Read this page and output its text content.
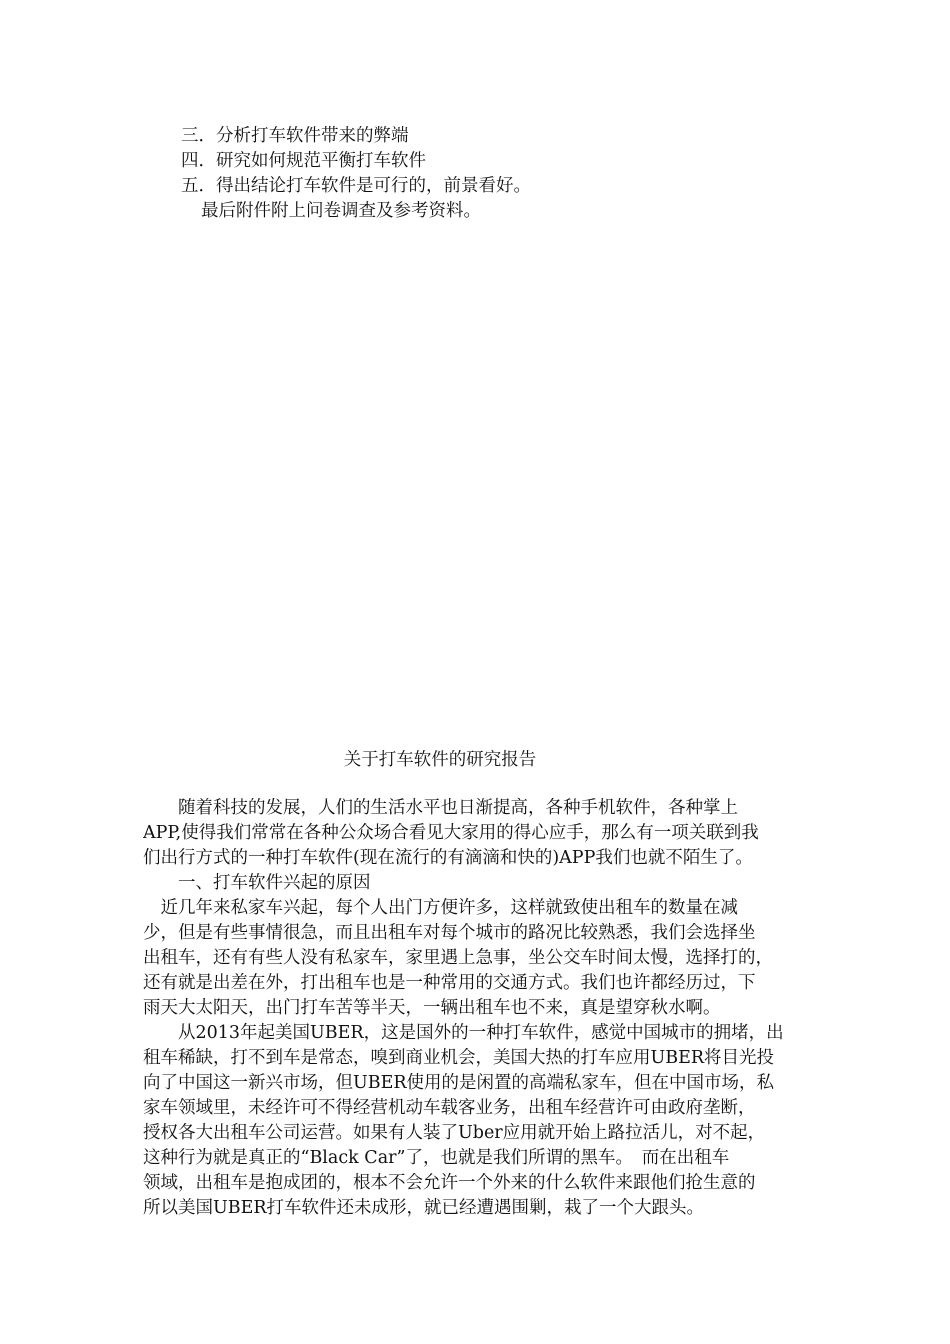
三．分析打车软件带来的弊端
四．研究如何规范平衡打车软件
五．得出结论打车软件是可行的，前景看好。
最后附件附上问卷调查及参考资料。
关于打车软件的研究报告
　　随着科技的发展，人们的生活水平也日渐提高，各种手机软件，各种掌上
APP,使得我们常常在各种公众场合看见大家用的得心应手，那么有一项关联到我
们出行方式的一种打车软件(现在流行的有滴滴和快的)APP我们也就不陌生了。
　　一、打车软件兴起的原因
　近几年来私家车兴起，每个人出门方便许多，这样就致使出租车的数量在减
少，但是有些事情很急，而且出租车对每个城市的路况比较熟悉，我们会选择坐
出租车，还有有些人没有私家车，家里遇上急事，坐公交车时间太慢，选择打的，
还有就是出差在外，打出租车也是一种常用的交通方式。我们也许都经历过，下
雨天大太阳天，出门打车苦等半天，一辆出租车也不来，真是望穿秋水啊。
　　从2013年起美国UBER，这是国外的一种打车软件，感觉中国城市的拥堵，出
租车稀缺，打不到车是常态，嗅到商业机会，美国大热的打车应用UBER将目光投
向了中国这一新兴市场，但UBER使用的是闲置的高端私家车，但在中国市场，私
家车领域里，未经许可不得经营机动车载客业务，出租车经营许可由政府垄断，
授权各大出租车公司运营。如果有人装了Uber应用就开始上路拉活儿，对不起，
这种行为就是真正的“Black Car”了，也就是我们所谓的黑车。　而在出租车
领域，出租车是抱成团的，根本不会允许一个外来的什么软件来跟他们抢生意的
所以美国UBER打车软件还未成形，就已经遭遇围剿，栽了一个大跟头。
